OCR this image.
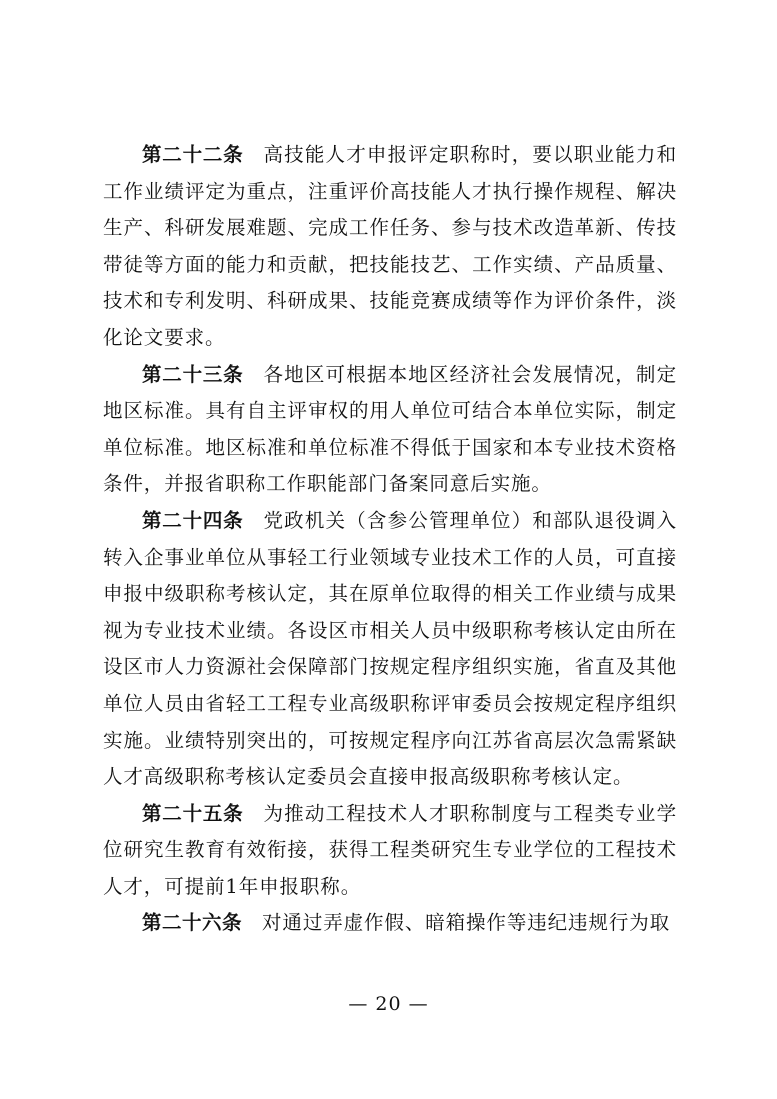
第二十二条 高技能人才申报评定职称时，要以职业能力和工作业绩评定为重点，注重评价高技能人才执行操作规程、解决生产、科研发展难题、完成工作任务、参与技术改造革新、传技带徒等方面的能力和贡献，把技能技艺、工作实绩、产品质量、技术和专利发明、科研成果、技能竞赛成绩等作为评价条件，淡化论文要求。

第二十三条 各地区可根据本地区经济社会发展情况，制定地区标准。具有自主评审权的用人单位可结合本单位实际，制定单位标准。地区标准和单位标准不得低于国家和本专业技术资格条件，并报省职称工作职能部门备案同意后实施。

第二十四条 党政机关（含参公管理单位）和部队退役调入转入企事业单位从事轻工行业领域专业技术工作的人员，可直接申报中级职称考核认定，其在原单位取得的相关工作业绩与成果视为专业技术业绩。各设区市相关人员中级职称考核认定由所在设区市人力资源社会保障部门按规定程序组织实施，省直及其他单位人员由省轻工工程专业高级职称评审委员会按规定程序组织实施。业绩特别突出的，可按规定程序向江苏省高层次急需紧缺人才高级职称考核认定委员会直接申报高级职称考核认定。

第二十五条 为推动工程技术人才职称制度与工程类专业学位研究生教育有效衔接，获得工程类研究生专业学位的工程技术人才，可提前1年申报职称。

第二十六条 对通过弄虚作假、暗箱操作等违纪违规行为取

— 20 —
